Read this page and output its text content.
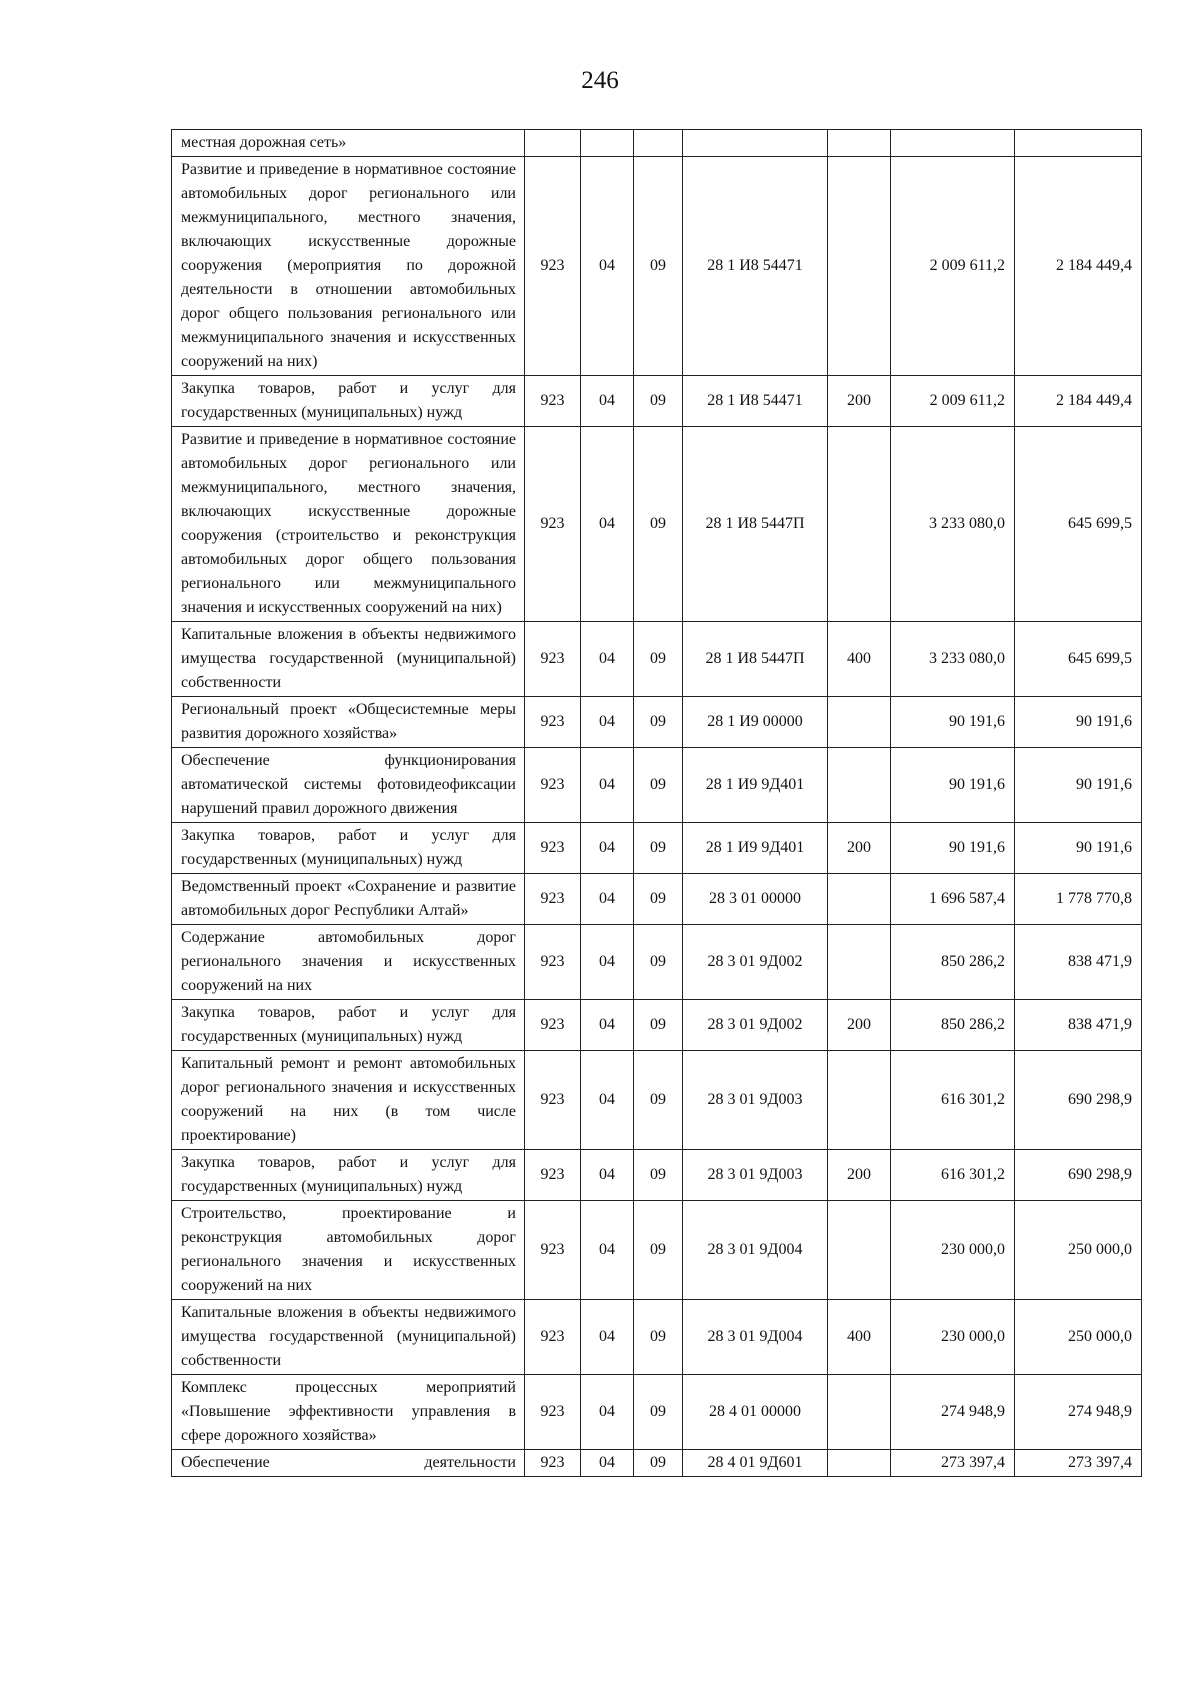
246
местная дорожная сеть»							
Развитие и приведение в нормативное состояние автомобильных дорог регионального или межмуниципального, местного значения, включающих искусственные дорожные сооружения (мероприятия по дорожной деятельности в отношении автомобильных дорог общего пользования регионального или межмуниципального значения и искусственных сооружений на них)	923	04	09	28 1 И8 54471		2 009 611,2	2 184 449,4
Закупка товаров, работ и услуг для государственных (муниципальных) нужд	923	04	09	28 1 И8 54471	200	2 009 611,2	2 184 449,4
Развитие и приведение в нормативное состояние автомобильных дорог регионального или межмуниципального, местного значения, включающих искусственные дорожные сооружения (строительство и реконструкция автомобильных дорог общего пользования регионального или межмуниципального значения и искусственных сооружений на них)	923	04	09	28 1 И8 5447П		3 233 080,0	645 699,5
Капитальные вложения в объекты недвижимого имущества государственной (муниципальной) собственности	923	04	09	28 1 И8 5447П	400	3 233 080,0	645 699,5
Региональный проект «Общесистемные меры развития дорожного хозяйства»	923	04	09	28 1 И9 00000		90 191,6	90 191,6
Обеспечение функционирования автоматической системы фотовидеофиксации нарушений правил дорожного движения	923	04	09	28 1 И9 9Д401		90 191,6	90 191,6
Закупка товаров, работ и услуг для государственных (муниципальных) нужд	923	04	09	28 1 И9 9Д401	200	90 191,6	90 191,6
Ведомственный проект «Сохранение и развитие автомобильных дорог Республики Алтай»	923	04	09	28 3 01 00000		1 696 587,4	1 778 770,8
Содержание автомобильных дорог регионального значения и искусственных сооружений на них	923	04	09	28 3 01 9Д002		850 286,2	838 471,9
Закупка товаров, работ и услуг для государственных (муниципальных) нужд	923	04	09	28 3 01 9Д002	200	850 286,2	838 471,9
Капитальный ремонт и ремонт автомобильных дорог регионального значения и искусственных сооружений на них (в том числе проектирование)	923	04	09	28 3 01 9Д003		616 301,2	690 298,9
Закупка товаров, работ и услуг для государственных (муниципальных) нужд	923	04	09	28 3 01 9Д003	200	616 301,2	690 298,9
Строительство, проектирование и реконструкция автомобильных дорог регионального значения и искусственных сооружений на них	923	04	09	28 3 01 9Д004		230 000,0	250 000,0
Капитальные вложения в объекты недвижимого имущества государственной (муниципальной) собственности	923	04	09	28 3 01 9Д004	400	230 000,0	250 000,0
Комплекс процессных мероприятий «Повышение эффективности управления в сфере дорожного хозяйства»	923	04	09	28 4 01 00000		274 948,9	274 948,9
Обеспечение деятельности	923	04	09	28 4 01 9Д601		273 397,4	273 397,4
